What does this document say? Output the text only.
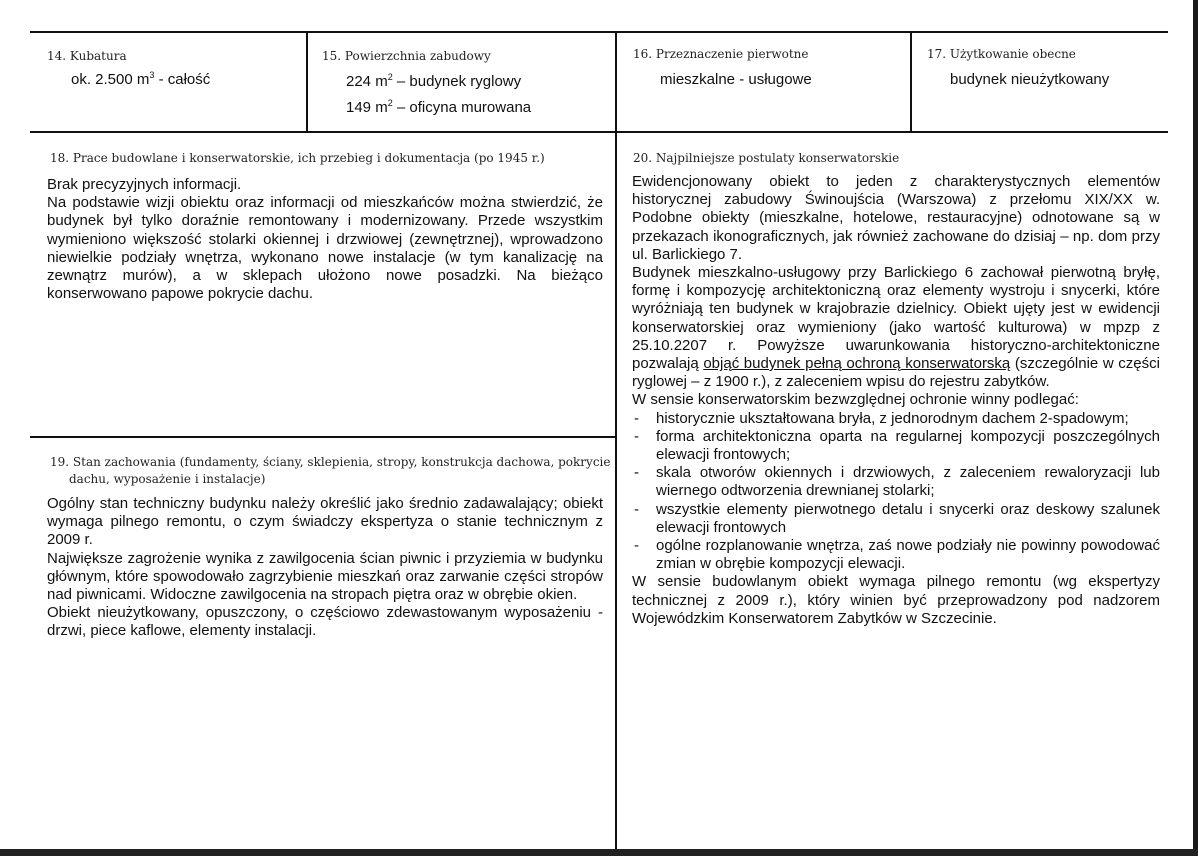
14. Kubatura
ok. 2.500 $m^3$ - całość
15. Powierzchnia zabudowy
224 $m^2$ – budynek ryglowy
149 $m^2$ – oficyna murowana
16. Przeznaczenie pierwotne
mieszkalne - usługowe
17. Użytkowanie obecne
budynek nieużytkowany
18. Prace budowlane i konserwatorskie, ich przebieg i dokumentacja (po 1945 r.)

Brak precyzyjnych informacji.

Na podstawie wizji obiektu oraz informacji od mieszkańców można stwierdzić, że budynek był tylko doraźnie remontowany i modernizowany. Przede wszystkim wymieniono większość stolarki okiennej i drzwiowej (zewnętrznej), wprowadzono niewielkie podziały wnętrza, wykonano nowe instalacje (w tym kanalizację na zewnątrz murów), a w sklepach ułożono nowe posadzki. Na bieżąco konserwowano papowe pokrycie dachu.

19. Stan zachowania (fundamenty, ściany, sklepienia, stropy, konstrukcja dachowa, pokrycie
dachu, wyposażenie i instalacje)

Ogólny stan techniczny budynku należy określić jako średnio zadawalający; obiekt wymaga pilnego remontu, o czym świadczy ekspertyza o stanie technicznym z 2009 r.

Największe zagrożenie wynika z zawilgocenia ścian piwnic i przyziemia w budynku głównym, które spowodowało zagrzybienie mieszkań oraz zarwanie części stropów nad piwnicami. Widoczne zawilgocenia na stropach piętra oraz w obrębie okien.

Obiekt nieużytkowany, opuszczony, o częściowo zdewastowanym wyposażeniu - drzwi, piece kaflowe, elementy instalacji.

20. Najpilniejsze postulaty konserwatorskie

Ewidencjonowany obiekt to jeden z charakterystycznych elementów historycznej zabudowy Świnoujścia (Warszowa) z przełomu XIX/XX w. Podobne obiekty (mieszkalne, hotelowe, restauracyjne) odnotowane są w przekazach ikonograficznych, jak również zachowane do dzisiaj – np. dom przy ul. Barlickiego 7.

Budynek mieszkalno-usługowy przy Barlickiego 6 zachował pierwotną bryłę, formę i kompozycję architektoniczną oraz elementy wystroju i snycerki, które wyróżniają ten budynek w krajobrazie dzielnicy. Obiekt ujęty jest w ewidencji konserwatorskiej oraz wymieniony (jako wartość kulturowa) w mpzp z 25.10.2207 r. Powyższe uwarunkowania historyczno-architektoniczne pozwalają objąć budynek pełną ochroną konserwatorską (szczególnie w części ryglowej – z 1900 r.), z zaleceniem wpisu do rejestru zabytków.

W sensie konserwatorskim bezwzględnej ochronie winny podlegać:

- historycznie ukształtowana bryła, z jednorodnym dachem 2-spadowym;
- forma architektoniczna oparta na regularnej kompozycji poszczególnych elewacji frontowych;
- skala otworów okiennych i drzwiowych, z zaleceniem rewaloryzacji lub wiernego odtworzenia drewnianej stolarki;
- wszystkie elementy pierwotnego detalu i snycerki oraz deskowy szalunek elewacji frontowych
- ogólne rozplanowanie wnętrza, zaś nowe podziały nie powinny powodować zmian w obrębie kompozycji elewacji.

W sensie budowlanym obiekt wymaga pilnego remontu (wg ekspertyzy technicznej z 2009 r.), który winien być przeprowadzony pod nadzorem Wojewódzkim Konserwatorem Zabytków w Szczecinie.
